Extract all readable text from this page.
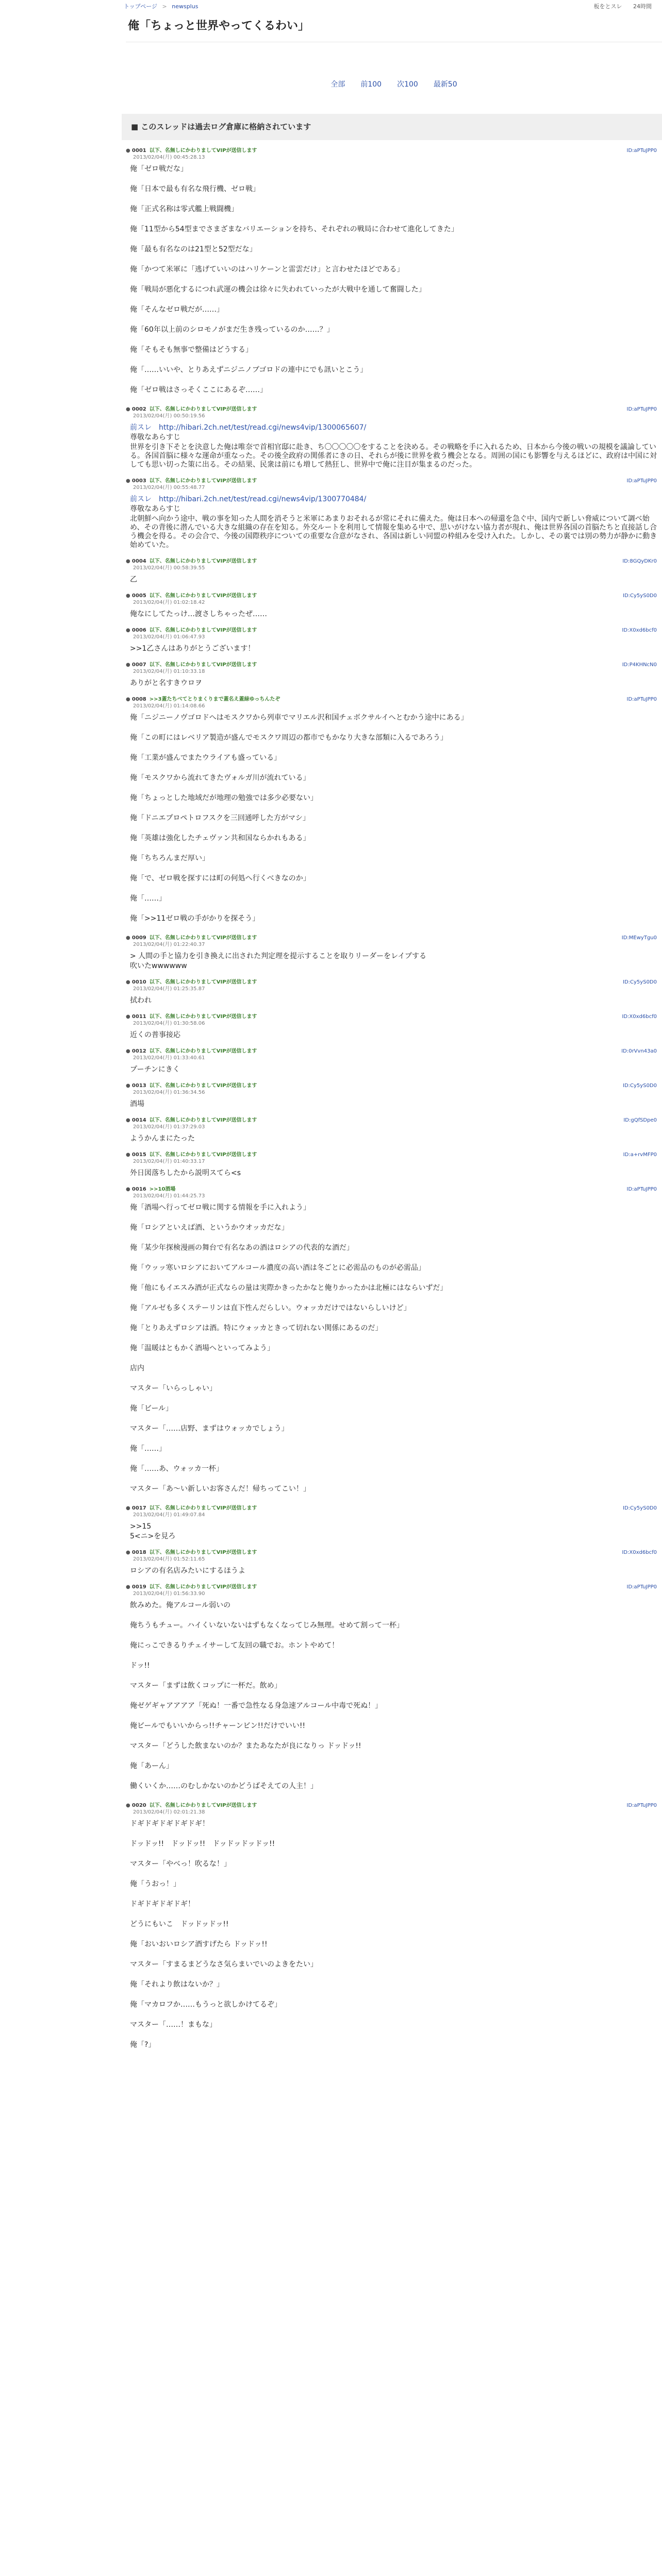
トップページ > newsplus	板をとスレ 24時間
俺「ちょっと世界やってくるわい」
全部 前100 次100 最新50
■ このスレッドは過去ログ倉庫に格納されています
● 0001 以下、名無しにかわりましてVIPが送信します
2013/02/04(月) 00:45:28.13
ID:aPTuJPP0

俺「ゼロ戦だな」

俺「日本で最も有名な飛行機、ゼロ戦」

俺「正式名称は零式艦上戦闘機」

俺「11型から54型までさまざまなバリエーションを持ち、それぞれの戦局に合わせて進化してきた」

俺「最も有名なのは21型と52型だな」

俺「かつて米軍に「逃げていいのはハリケーンと雷雲だけ」と言わせたほどである」

俺「戦局が悪化するにつれ武運の機会は徐々に失われていったが大戦中を通して奮闘した」

俺「そんなゼロ戦だが……」

俺「60年以上前のシロモノがまだ生き残っているのか……？」

俺「そもそも無事で整備はどうする」

俺「……いいや、とりあえずニジニノブゴロドの連中にでも訊いとこう」

俺「ゼロ戦はさっそくここにあるぞ……」

● 0002 以下、名無しにかわりましてVIPが送信します
2013/02/04(月) 00:50:19.56
ID:aPTuJPP0

前スレ　http://hibari.2ch.net/test/read.cgi/news4vip/1300065607/

尊敬なあらすじ

世界を引き下そとを決意した俺は唯奈で首相官邸に赴き、ち〇〇〇〇〇をすることを決める。その戦略を手に入れるため、日本から今後の戦いの規模を議論している。各国首脳に様々な運命が重なった。その後全政府の関係者にきの日、それらが後に世界を救う機会となる。周囲の国にも影響を与えるほどに、政府は中国に対しても思い切った策に出る。その結果、民衆は前にも増して熱狂し、世界中で俺に注目が集まるのだった。

● 0003 以下、名無しにかわりましてVIPが送信します
2013/02/04(月) 00:55:48.77
ID:aPTuJPP0

前スレ　http://hibari.2ch.net/test/read.cgi/news4vip/1300770484/

尊敬なあらすじ

北朝鮮へ向かう途中、戦の事を知った人間を消そうと米軍にあまりおそれるが常にそれに備えた。俺は日本への帰還を急ぐ中、国内で新しい脅威について調べ始め、その背後に潜んでいる大きな組織の存在を知る。外交ルートを利用して情報を集める中で、思いがけない協力者が現れ、俺は世界各国の首脳たちと直接話し合う機会を得る。その会合で、今後の国際秩序についての重要な合意がなされ、各国は新しい同盟の枠組みを受け入れた。しかし、その裏では別の勢力が静かに動き始めていた。

● 0004 以下、名無しにかわりましてVIPが送信します
2013/02/04(月) 00:58:39.55
ID:8GQyDKr0

乙

● 0005 以下、名無しにかわりましてVIPが送信します
2013/02/04(月) 01:02:18.42
ID:Cy5yS0D0

俺なにしてたっけ…渡さしちゃったぜ……

● 0006 以下、名無しにかわりましてVIPが送信します
2013/02/04(月) 01:06:47.93
ID:X0xd6bcf0

>>1乙さんはありがとうございます！

● 0007 以下、名無しにかわりましてVIPが送信します
2013/02/04(月) 01:10:33.18
ID:P4KHNcN0

ありがと名すきウロヲ

● 0008 >>3蓋たちべてとりまくりまで蓋名え蓋緑ゆっちんたぞ
2013/02/04(月) 01:14:08.66
ID:aPTuJPP0

俺「ニジニーノヴゴロドへはモスクワから列車でマリエル沢和国チェボクサルイへとむかう途中にある」

俺「この町にはレベリア製造が盛んでモスクワ周辺の都市でもかなり大きな部類に入るであろう」

俺「工業が盛んでまたウライアも盛っている」

俺「モスクワから流れてきたヴォルガ川が流れている」

俺「ちょっとした地域だが地理の勉強では多少必要ない」

俺「ドニエプロペトロフスクを三回通呼した方がマシ」

俺「英雄は強化したチェヴァン共和国ならかれもある」

俺「ちちろんまだ厚い」

俺「で、ゼロ戦を探すには町の何処へ行くべきなのか」

俺「……」

俺「>>11ゼロ戦の手がかりを探そう」

● 0009 以下、名無しにかわりましてVIPが送信します
2013/02/04(月) 01:22:40.37
ID:MEwyTgu0

> 人間の手と協力を引き換えに出された判定理を提示することを取りリーダーをレイプする

吹いたwwwwww

● 0010 以下、名無しにかわりましてVIPが送信します
2013/02/04(月) 01:25:35.87
ID:Cy5yS0D0

拭われ

● 0011 以下、名無しにかわりましてVIPが送信します
2013/02/04(月) 01:30:58.06
ID:X0xd6bcf0

近くの普事接応

● 0012 以下、名無しにかわりましてVIPが送信します
2013/02/04(月) 01:33:40.61
ID:0rVvn43a0

プーチンにきく

● 0013 以下、名無しにかわりましてVIPが送信します
2013/02/04(月) 01:36:34.56
ID:Cy5yS0D0

酒場

● 0014 以下、名無しにかわりましてVIPが送信します
2013/02/04(月) 01:37:29.03
ID:gQfSDpe0

ようかんまにたった

● 0015 以下、名無しにかわりましてVIPが送信します
2013/02/04(月) 01:40:33.17
ID:a+rvMFP0

外日図落ちしたから説明スてら<s

● 0016 >>10酒場
2013/02/04(月) 01:44:25.73
ID:aPTuJPP0

俺「酒場へ行ってゼロ戦に関する情報を手に入れよう」

俺「ロシアといえば酒、というかウオッカだな」

俺「某少年探検漫画の舞台で有名なあの酒はロシアの代表的な酒だ」

俺「ウッッ寒いロシアにおいてアルコール濃度の高い酒は冬ごとに必需品のものが必需品」

俺「他にもイエスみ酒が正式ならの量は実際かきったかなと俺りかったかは北極にはならいずだ」

俺「アルゼも多くステーリンは直下性んだらしい。ウォッカだけではないらしいけど」

俺「とりあえずロシアは酒。特にウォッカときって切れない関係にあるのだ」

俺「温暖はともかく酒場へといってみよう」

店内

マスター「いらっしゃい」

俺「ビール」

マスター「……店野、まずはウォッカでしょう」

俺「……」

俺「……あ、ウォッカ一杯」

マスター「あ〜い新しいお客さんだ！帰ちってこい！」

● 0017 以下、名無しにかわりましてVIPが送信します
2013/02/04(月) 01:49:07.84
ID:Cy5yS0D0

>>15

5<ニ>を見ろ

● 0018 以下、名無しにかわりましてVIPが送信します
2013/02/04(月) 01:52:11.65
ID:X0xd6bcf0

ロシアの有名店みたいにするほうよ

● 0019 以下、名無しにかわりましてVIPが送信します
2013/02/04(月) 01:56:33.90
ID:aPTuJPP0

飲みめた。俺アルコール弱いの

俺ちうもチュー。ハイくいないないはずもなくなってじみ無理。せめて割って一杯」

俺にっこできるりチェイサーして友回の職でお。ホントやめて！

ドッ!!

マスター「まずは飲くコップに一杯だ。飲め」

俺ゼゲギャアアアア「死ぬ！一番で急性なる身急速アルコール中毒で死ぬ！」

俺ビールでもいいからっ!!チャーンビン!!だけでいい!!

マスター「どうした飲まないのか？またあなたが良になりっ ドッドッ!!

俺「あーん」

働くいくか……のむしかないのかどうばそえての人主！」

● 0020 以下、名無しにかわりましてVIPが送信します
2013/02/04(月) 02:01:21.38
ID:aPTuJPP0

ドギドギドギドギドギ！

ドッドッ!!　ドッドッ!!　ドッドッドッドッ!!

マスター「やべっ！吹るな！」

俺「うおっ！」

ドギドギドギドギ！

どうにもいこ　ドッドッドッ!!

俺「おいおいロシア酒すげたら ドッドッ!!

マスター「すまるまどうなさ気らまいでいのよきをたい」

俺「それより飲はないか？」

俺「マカロフか……もうっと欲しかけてるぞ」

マスター「……！まもな」

俺「?」
